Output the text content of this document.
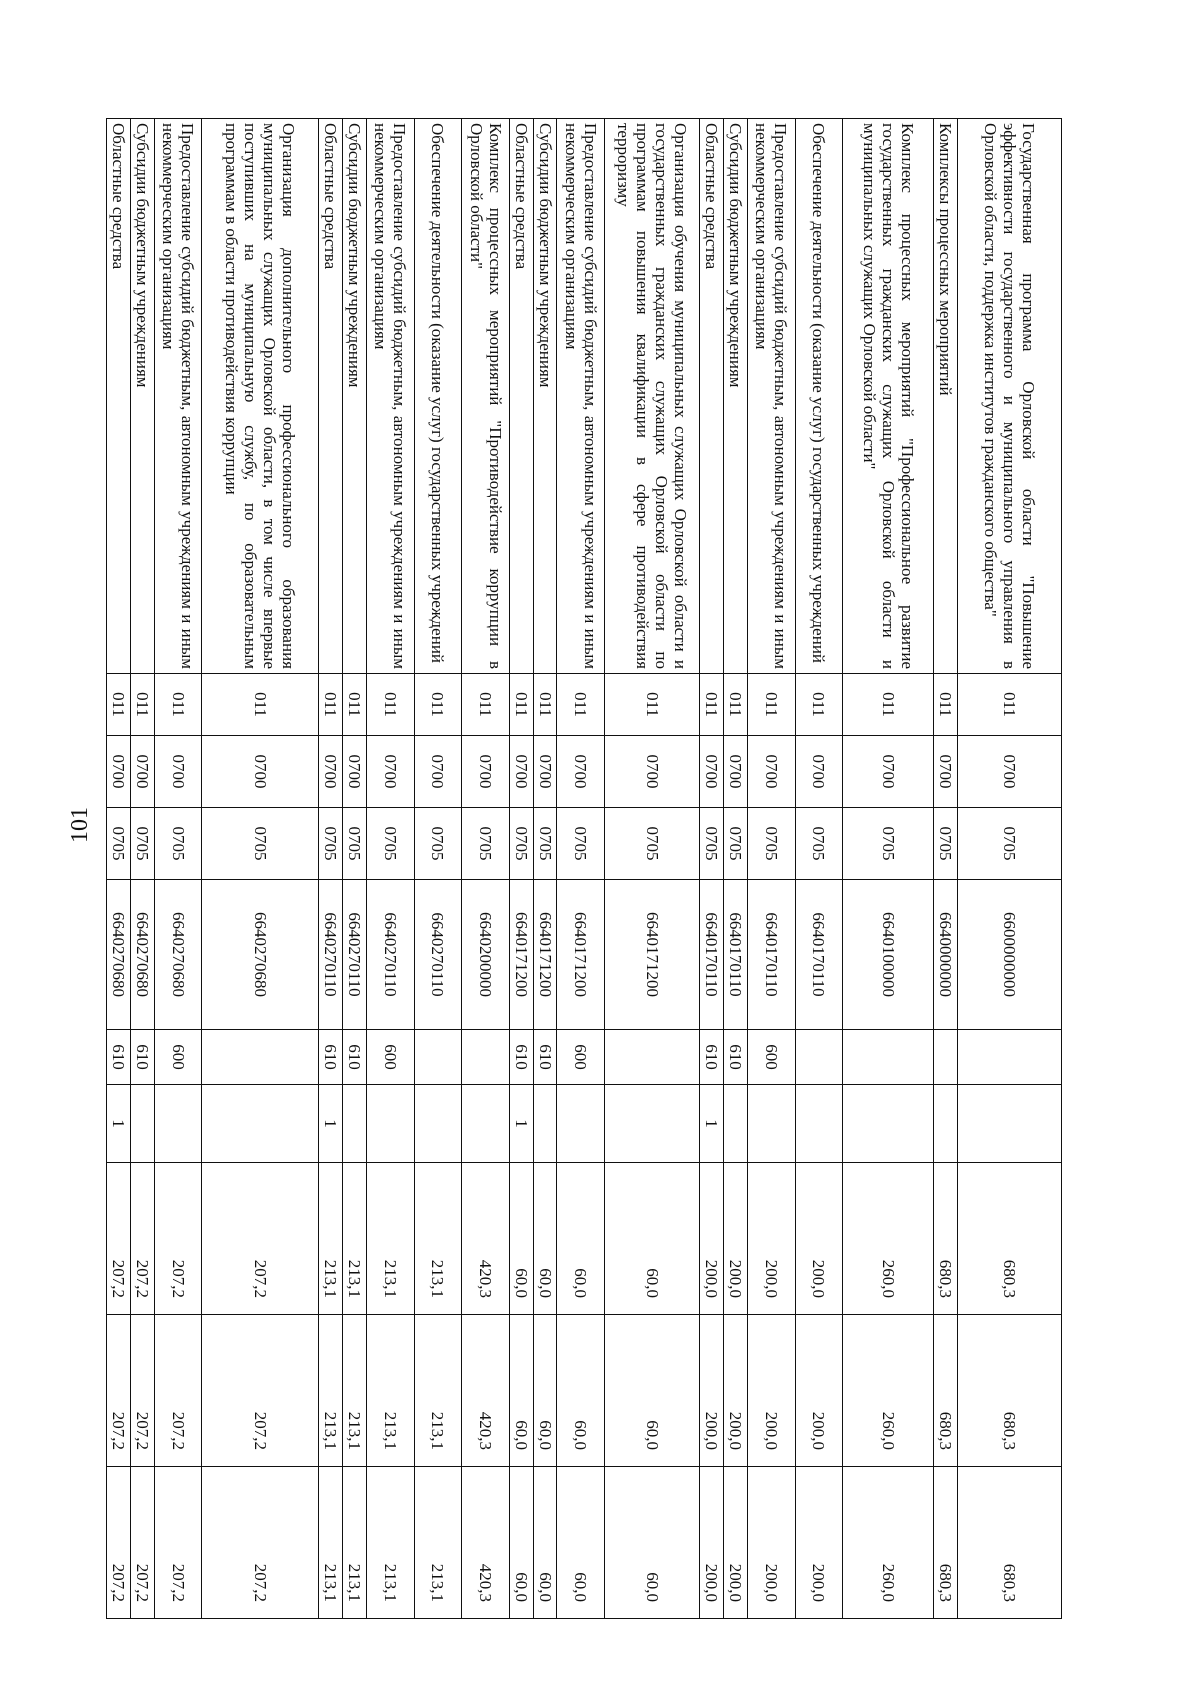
101
Государственная программа Орловской области "Повышение эффективности государственного и муниципального управления в Орловской области, поддержка институтов гражданского общества"	011	0700	0705	6600000000			680,3	680,3	680,3
Комплексы процессных мероприятий	011	0700	0705	6640000000			680,3	680,3	680,3
Комплекс процессных мероприятий "Профессиональное развитие государственных гражданских служащих Орловской области и муниципальных служащих Орловской области"	011	0700	0705	6640100000			260,0	260,0	260,0
Обеспечение деятельности (оказание услуг) государственных учреждений	011	0700	0705	6640170110			200,0	200,0	200,0
Предоставление субсидий бюджетным, автономным учреждениям и иным некоммерческим организациям	011	0700	0705	6640170110	600		200,0	200,0	200,0
Субсидии бюджетным учреждениям	011	0700	0705	6640170110	610		200,0	200,0	200,0
Областные средства	011	0700	0705	6640170110	610	1	200,0	200,0	200,0
Организация обучения муниципальных служащих Орловской области и государственных гражданских служащих Орловской области по программам повышения квалификации в сфере противодействия терроризму	011	0700	0705	6640171200			60,0	60,0	60,0
Предоставление субсидий бюджетным, автономным учреждениям и иным некоммерческим организациям	011	0700	0705	6640171200	600		60,0	60,0	60,0
Субсидии бюджетным учреждениям	011	0700	0705	6640171200	610		60,0	60,0	60,0
Областные средства	011	0700	0705	6640171200	610	1	60,0	60,0	60,0
Комплекс процессных мероприятий "Противодействие коррупции в Орловской области"	011	0700	0705	6640200000			420,3	420,3	420,3
Обеспечение деятельности (оказание услуг) государственных учреждений	011	0700	0705	6640270110			213,1	213,1	213,1
Предоставление субсидий бюджетным, автономным учреждениям и иным некоммерческим организациям	011	0700	0705	6640270110	600		213,1	213,1	213,1
Субсидии бюджетным учреждениям	011	0700	0705	6640270110	610		213,1	213,1	213,1
Областные средства	011	0700	0705	6640270110	610	1	213,1	213,1	213,1
Организация дополнительного профессионального образования муниципальных служащих Орловской области, в том числе впервые поступивших на муниципальную службу, по образовательным программам в области противодействия коррупции	011	0700	0705	6640270680			207,2	207,2	207,2
Предоставление субсидий бюджетным, автономным учреждениям и иным некоммерческим организациям	011	0700	0705	6640270680	600		207,2	207,2	207,2
Субсидии бюджетным учреждениям	011	0700	0705	6640270680	610		207,2	207,2	207,2
Областные средства	011	0700	0705	6640270680	610	1	207,2	207,2	207,2
